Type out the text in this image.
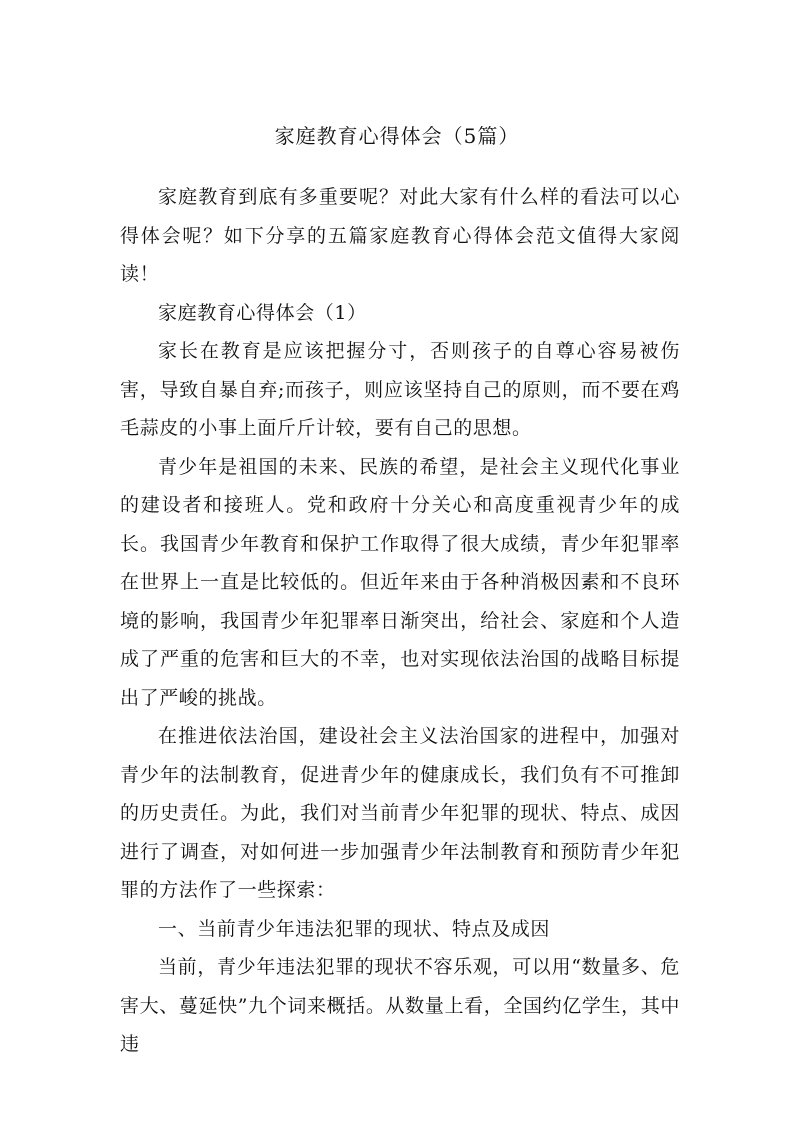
家庭教育心得体会（5篇）

家庭教育到底有多重要呢？对此大家有什么样的看法可以心得体会呢？如下分享的五篇家庭教育心得体会范文值得大家阅读！

家庭教育心得体会（1）

家长在教育是应该把握分寸，否则孩子的自尊心容易被伤害，导致自暴自弃;而孩子，则应该坚持自己的原则，而不要在鸡毛蒜皮的小事上面斤斤计较，要有自己的思想。

青少年是祖国的未来、民族的希望，是社会主义现代化事业的建设者和接班人。党和政府十分关心和高度重视青少年的成长。我国青少年教育和保护工作取得了很大成绩，青少年犯罪率在世界上一直是比较低的。但近年来由于各种消极因素和不良环境的影响，我国青少年犯罪率日渐突出，给社会、家庭和个人造成了严重的危害和巨大的不幸，也对实现依法治国的战略目标提出了严峻的挑战。

在推进依法治国，建设社会主义法治国家的进程中，加强对青少年的法制教育，促进青少年的健康成长，我们负有不可推卸的历史责任。为此，我们对当前青少年犯罪的现状、特点、成因进行了调查，对如何进一步加强青少年法制教育和预防青少年犯罪的方法作了一些探索：

一、当前青少年违法犯罪的现状、特点及成因

当前，青少年违法犯罪的现状不容乐观，可以用“数量多、危害大、蔓延快”九个词来概括。从数量上看，全国约亿学生，其中违
